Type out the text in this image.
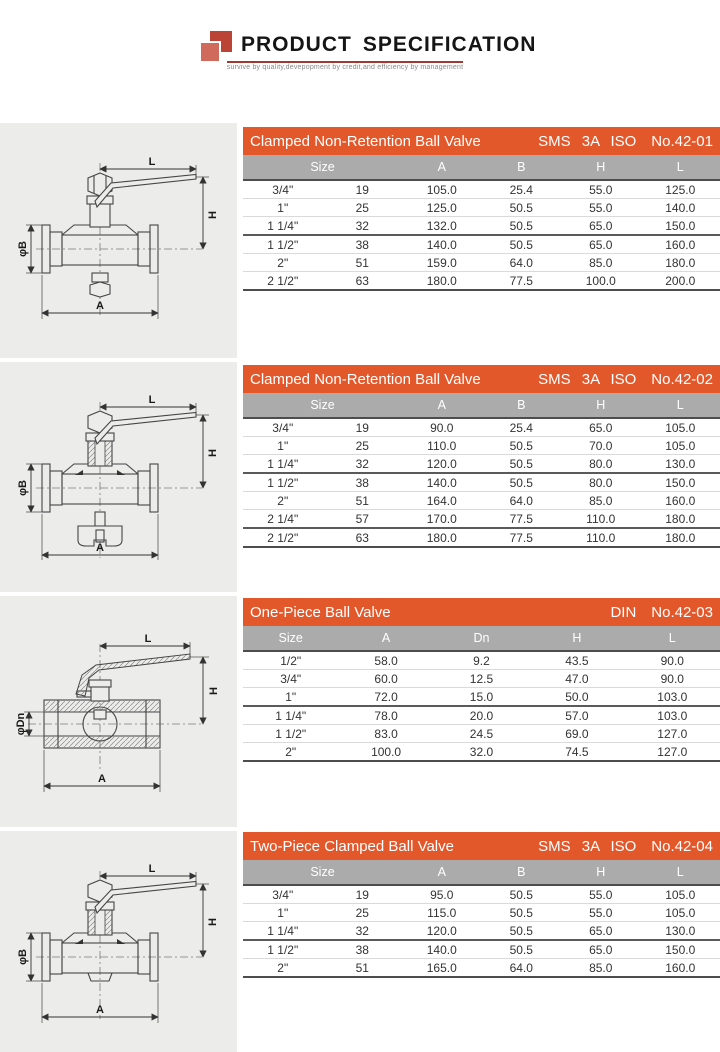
PRODUCT SPECIFICATION
survive by quality,devepopment by credit,and efficiency by management
L
H
φB
A
Clamped Non-Retention Ball Valve	SMS 3A ISO No.42-01
Size		A	B	H	L
3/4"	19	105.0	25.4	55.0	125.0
1"	25	125.0	50.5	55.0	140.0
1 1/4"	32	132.0	50.5	65.0	150.0
1 1/2"	38	140.0	50.5	65.0	160.0
2"	51	159.0	64.0	85.0	180.0
2 1/2"	63	180.0	77.5	100.0	200.0
L
H
φB
A
Clamped Non-Retention Ball Valve	SMS 3A ISO No.42-02
Size		A	B	H	L
3/4"	19	90.0	25.4	65.0	105.0
1"	25	110.0	50.5	70.0	105.0
1 1/4"	32	120.0	50.5	80.0	130.0
1 1/2"	38	140.0	50.5	80.0	150.0
2"	51	164.0	64.0	85.0	160.0
2 1/4"	57	170.0	77.5	110.0	180.0
2 1/2"	63	180.0	77.5	110.0	180.0
L
H
φDn
A
One-Piece Ball Valve	DIN No.42-03
Size	A	Dn	H	L
1/2"	58.0	9.2	43.5	90.0
3/4"	60.0	12.5	47.0	90.0
1"	72.0	15.0	50.0	103.0
1 1/4"	78.0	20.0	57.0	103.0
1 1/2"	83.0	24.5	69.0	127.0
2"	100.0	32.0	74.5	127.0
L
H
φB
A
Two-Piece Clamped Ball Valve	SMS 3A ISO No.42-04
Size		A	B	H	L
3/4"	19	95.0	50.5	55.0	105.0
1"	25	115.0	50.5	55.0	105.0
1 1/4"	32	120.0	50.5	65.0	130.0
1 1/2"	38	140.0	50.5	65.0	150.0
2"	51	165.0	64.0	85.0	160.0
